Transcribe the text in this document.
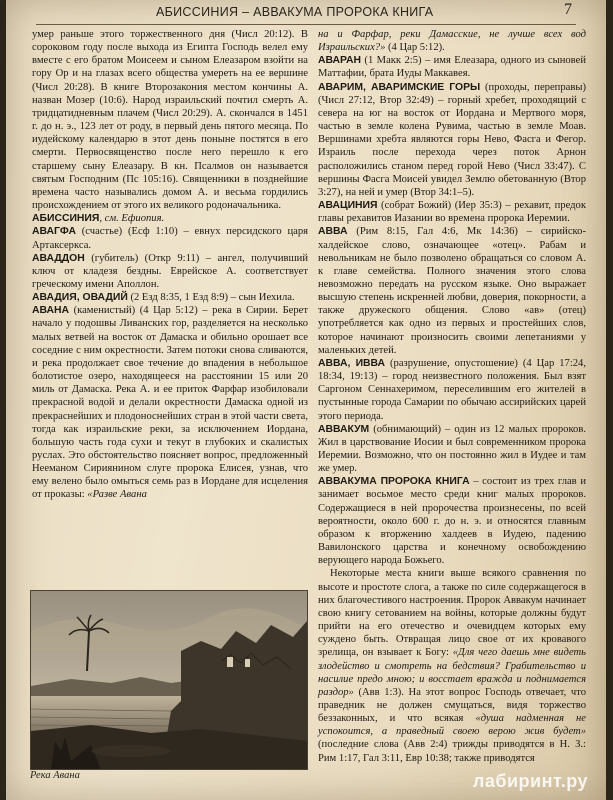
АБИССИНИЯ – АВВАКУМА ПРОРОКА КНИГА	7

умер раньше этого торжественного дня (Числ 20:12). В сороковом году после выхода из Египта Господь велел ему вместе с его братом Моисеем и сыном Елеазаром взойти на гору Ор и на глазах всего общества умереть на ее вершине (Числ 20:28). В книге Второзакония местом кончины А. назван Мозер (10:6). Народ израильский почтил смерть А. тридцатидневным плачем (Числ 20:29). А. скончался в 1451 г. до н. э., 123 лет от роду, в первый день пятого месяца. По иудейскому календарю в этот день поныне постятся в его смерти. Первосвященство после него перешло к его старшему сыну Елеазару. В кн. Псалмов он называется святым Господним (Пс 105:16). Священники в позднейшие времена часто назывались домом А. и весьма гордились происхождением от этого их великого родоначальника.

АБИССИНИЯ, см. Ефиопия.

АВАГФА (счастье) (Есф 1:10) – евнух персидского царя Артаксеркса.

АВАДДОН (губитель) (Откр 9:11) – ангел, получивший ключ от кладезя бездны. Еврейское А. соответствует греческому имени Аполлон.

АВАДИЯ, ОВАДИЙ (2 Езд 8:35, 1 Езд 8:9) – сын Иехила.

АВАНА (каменистый) (4 Цар 5:12) – река в Сирии. Берет начало у подошвы Ливанских гор, разделяется на несколько малых ветвей на восток от Дамаска и обильно орошает все соседние с ним окрестности. Затем потоки снова сливаются, и река продолжает свое течение до впадения в небольшое болотистое озеро, находящееся на расстоянии 15 или 20 миль от Дамаска. Река А. и ее приток Фарфар изобиловали прекрасной водой и делали окрестности Дамаска одной из прекраснейших и плодоноснейших стран в этой части света, тогда как израильские реки, за исключением Иордана, большую часть года сухи и текут в глубоких и скалистых руслах. Это обстоятельство поясняет вопрос, предложенный Нееманом Сириянином слуге пророка Елисея, узнав, что ему велено было омыться семь раз в Иордане для исцеления от проказы: «Разве Авана

Река Авана

на и Фарфар, реки Дамасские, не лучше всех вод Израильских?» (4 Цар 5:12).

АВАРАН (1 Макк 2:5) – имя Елеазара, одного из сыновей Маттафии, брата Иуды Маккавея.

АВАРИМ, АВАРИМСКИЕ ГОРЫ (проходы, переправы) (Числ 27:12, Втор 32:49) – горный хребет, проходящий с севера на юг на восток от Иордана и Мертвого моря, частью в земле колена Рувима, частью в земле Моав. Вершинами хребта являются горы Нево, Фасга и Фегор. Израиль после перехода через поток Арнон расположились станом перед горой Нево (Числ 33:47). С вершины Фасга Моисей увидел Землю обетованную (Втор 3:27), на ней и умер (Втор 34:1–5).

АВАЦИНИЯ (собрат Божий) (Иер 35:3) – рехавит, предок главы рехавитов Иазании во времена пророка Иеремии.

АВВА (Рим 8:15, Гал 4:6, Мк 14:36) – сирийско-халдейское слово, означающее «отец». Рабам и невольникам не было позволено обращаться со словом А. к главе семейства. Полного значения этого слова невозможно передать на русском языке. Оно выражает высшую степень искренней любви, доверия, покорности, а также дружеского общения. Слово «ав» (отец) употребляется как одно из первых и простейших слов, которое начинают произносить своими лепетаниями у маленьких детей.

АВВА, ИВВА (разрушение, опустошение) (4 Цар 17:24, 18:34, 19:13) – город неизвестного положения. Был взят Саргоном Сеннахеримом, переселившим его жителей в пустынные города Самарии по обычаю ассирийских царей этого периода.

АВВАКУМ (обнимающий) – один из 12 малых пророков. Жил в царствование Иосии и был современником пророка Иеремии. Возможно, что он постоянно жил в Иудее и там же умер.

АВВАКУМА ПРОРОКА КНИГА – состоит из трех глав и занимает восьмое место среди книг малых пророков. Содержащиеся в ней пророчества произнесены, по всей вероятности, около 600 г. до н. э. и относятся главным образом к вторжению халдеев в Иудею, падению Вавилонского царства и конечному освобождению верующего народа Божьего.

Некоторые места книги выше всякого сравнения по высоте и простоте слога, а также по силе содержащегося в них благочестивого настроения. Пророк Аввакум начинает свою книгу сетованием на войны, которые должны будут прийти на его отечество и очевидцем которых ему суждено быть. Отвращая лицо свое от их кровавого зрелища, он взывает к Богу: «Для чего даешь мне видеть злодейство и смотреть на бедствия? Грабительство и насилие предо мною; и восстает вражда и поднимается раздор» (Авв 1:3). На этот вопрос Господь отвечает, что праведник не должен смущаться, видя торжество беззаконных, и что всякая «душа надменная не успокоится, а праведный своею верою жив будет» (последние слова (Авв 2:4) трижды приводятся в Н. З.: Рим 1:17, Гал 3:11, Евр 10:38; также приводятся

лабиринт.ру
